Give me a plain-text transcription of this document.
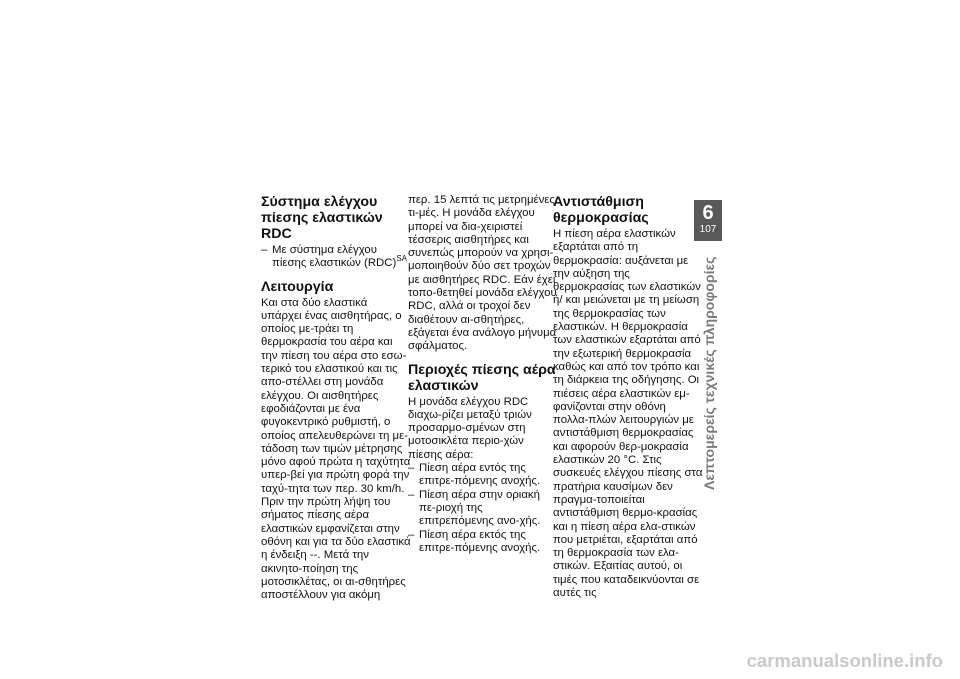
Σύστημα ελέγχου πίεσης ελαστικών RDC

– Με σύστημα ελέγχου πίεσης ελαστικών (RDC)$^{SA}$

Λειτουργία

Και στα δύο ελαστικά υπάρχει ένας αισθητήρας, ο οποίος με-τράει τη θερμοκρασία του αέρα και την πίεση του αέρα στο εσω-τερικό του ελαστικού και τις απο-στέλλει στη μονάδα ελέγχου. Οι αισθητήρες εφοδιάζονται με ένα φυγοκεντρικό ρυθμιστή, ο οποίος απελευθερώνει τη με-τάδοση των τιμών μέτρησης μόνο αφού πρώτα η ταχύτητα υπερ-βεί για πρώτη φορά την ταχύ-τητα των περ. 30 km/h. Πριν την πρώτη λήψη του σήματος πίεσης αέρα ελαστικών εμφανίζεται στην οθόνη και για τα δύο ελαστικά η ένδειξη --. Μετά την ακινητο-ποίηση της μοτοσικλέτας, οι αι-σθητήρες αποστέλλουν για ακόμη

περ. 15 λεπτά τις μετρημένες τι-μές. Η μονάδα ελέγχου μπορεί να δια-χειριστεί τέσσερις αισθητήρες και συνεπώς μπορούν να χρησι-μοποιηθούν δύο σετ τροχών με αισθητήρες RDC. Εάν έχει τοπο-θετηθεί μονάδα ελέγχου RDC, αλλά οι τροχοί δεν διαθέτουν αι-σθητήρες, εξάγεται ένα ανάλογο μήνυμα σφάλματος.

Περιοχές πίεσης αέρα ελαστικών

Η μονάδα ελέγχου RDC διαχω-ρίζει μεταξύ τριών προσαρμο-σμένων στη μοτοσικλέτα περιο-χών πίεσης αέρα:

– Πίεση αέρα εντός της επιτρε-πόμενης ανοχής.

– Πίεση αέρα στην οριακή πε-ριοχή της επιτρεπόμενης ανο-χής.

– Πίεση αέρα εκτός της επιτρε-πόμενης ανοχής.

Αντιστάθμιση θερμοκρασίας

Η πίεση αέρα ελαστικών εξαρτάται από τη θερμοκρασία: αυξάνεται με την αύξηση της θερμοκρασίας των ελαστικών ή/ και μειώνεται με τη μείωση της θερμοκρασίας των ελαστικών. Η θερμοκρασία των ελαστικών εξαρτάται από την εξωτερική θερμοκρασία καθώς και από τον τρόπο και τη διάρκεια της οδήγησης. Οι πιέσεις αέρα ελαστικών εμ-φανίζονται στην οθόνη πολλα-πλών λειτουργιών με αντιστάθμιση θερμοκρασίας και αφορούν θερ-μοκρασία ελαστικών 20 °C. Στις συσκευές ελέγχου πίεσης στα πρατήρια καυσίμων δεν πραγμα-τοποιείται αντιστάθμιση θερμο-κρασίας και η πίεση αέρα ελα-στικών που μετριέται, εξαρτάται από τη θερμοκρασία των ελα-στικών. Εξαιτίας αυτού, οι τιμές που καταδεικνύονται σε αυτές τις

6
107
Λεπτομερείς τεχνικές πληροφορίες
carmanualsonline.info
